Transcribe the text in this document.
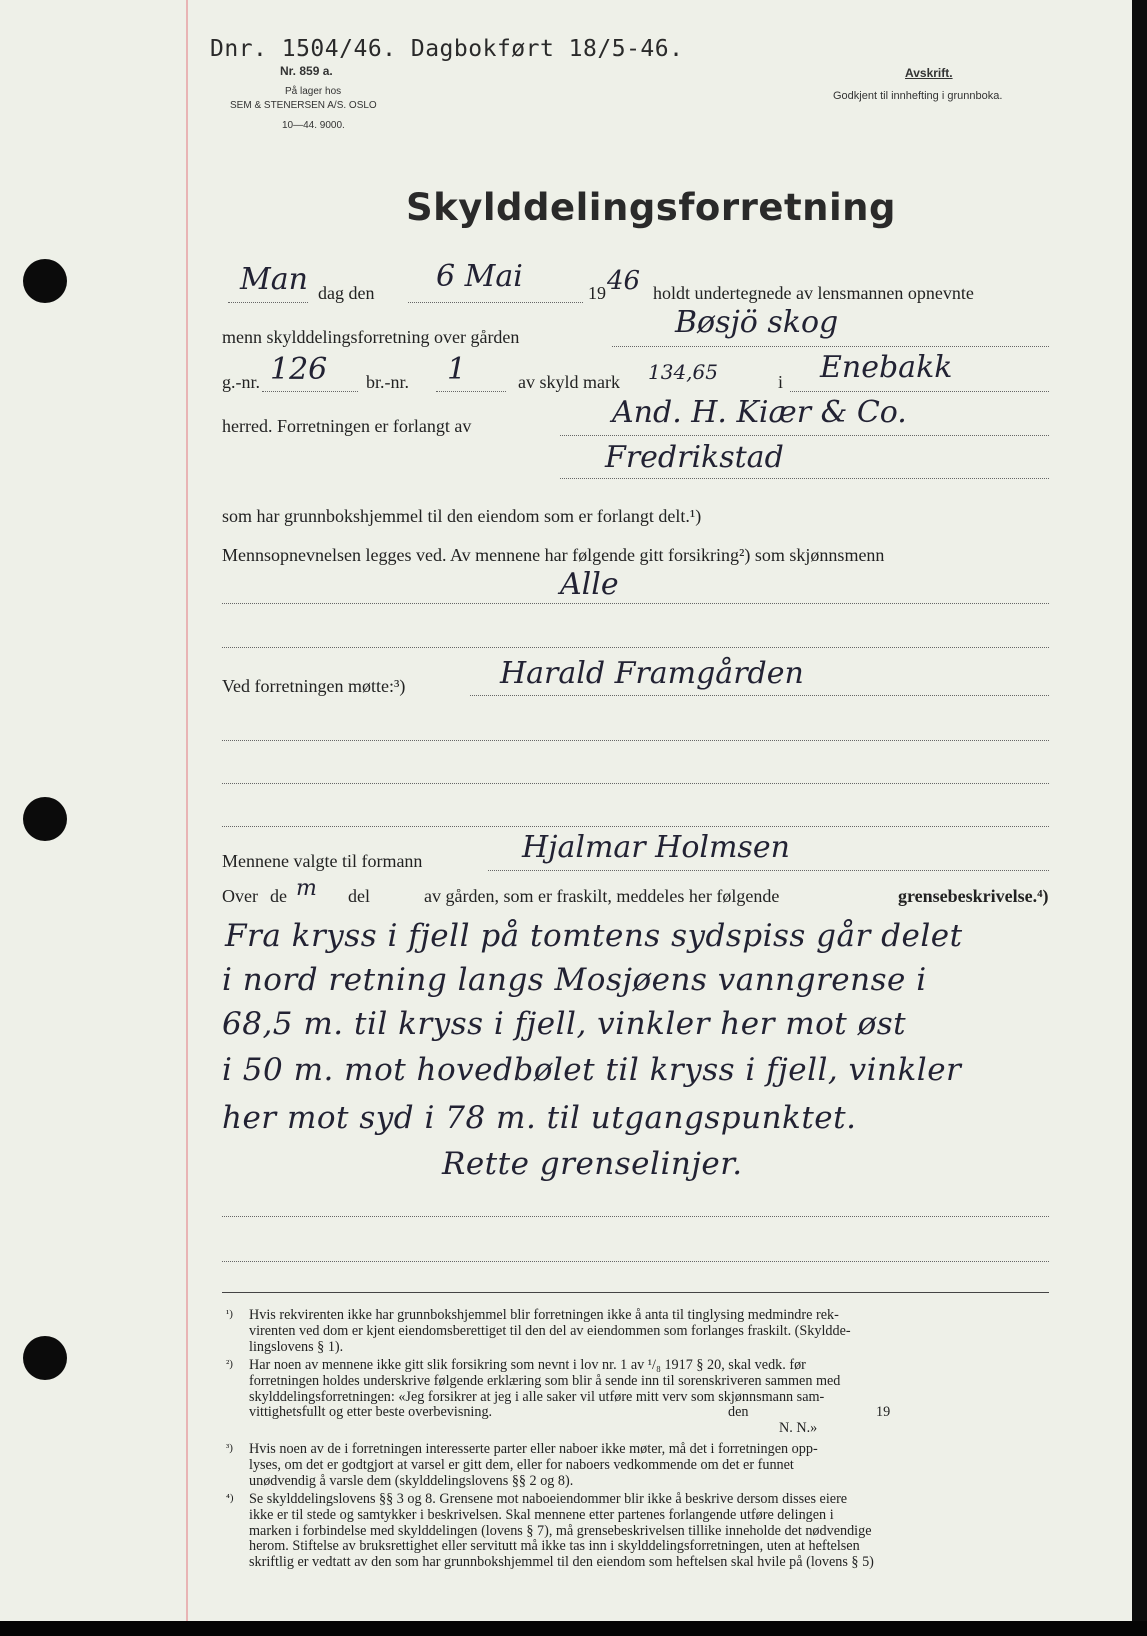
Dnr. 1504/46. Dagbokført 18/5-46.
Nr. 859 a.
På lager hos
SEM & STENERSEN A/S. OSLO
10—44. 9000.
Avskrift.
Godkjent til innhefting i grunnboka.
Skylddelingsforretning
Man dag den 6 Mai	19 46 holdt undertegnede av lensmannen opnevnte
menn skylddelingsforretning over gården	Bøsjö skog
g.-nr. 126 br.-nr. 1	av skyld mark 134,65	i Enebakk
herred. Forretningen er forlangt av	And. H. Kiær & Co.
Fredrikstad
som har grunnbokshjemmel til den eiendom som er forlangt delt.¹)
Mennsopnevnelsen legges ved. Av mennene har følgende gitt forsikring²) som skjønnsmenn
Alle
Ved forretningen møtte:³)	Harald Framgården
Mennene valgte til formann	Hjalmar Holmsen
Over de m del	av gården, som er fraskilt, meddeles her følgende	grensebeskrivelse.⁴)
Fra kryss i fjell på tomtens sydspiss går delet
i nord retning langs Mosjøens vanngrense i
68,5 m. til kryss i fjell, vinkler her mot øst
i 50 m. mot hovedbølet til kryss i fjell, vinkler
her mot syd i 78 m. til utgangspunktet.
Rette grenselinjer.
¹) Hvis rekvirenten ikke har grunnbokshjemmel blir forretningen ikke å anta til tinglysing medmindre rek-
virenten ved dom er kjent eiendomsberettiget til den del av eiendommen som forlanges fraskilt. (Skyldde-
lingslovens § 1).
²) Har noen av mennene ikke gitt slik forsikring som nevnt i lov nr. 1 av ¹/₈ 1917 § 20, skal vedk. før
forretningen holdes underskrive følgende erklæring som blir å sende inn til sorenskriveren sammen med
skylddelingsforretningen: «Jeg forsikrer at jeg i alle saker vil utføre mitt verv som skjønnsmann sam-
vittighetsfullt og etter beste overbevisning.	den	19
N. N.»
³) Hvis noen av de i forretningen interesserte parter eller naboer ikke møter, må det i forretningen opp-
lyses, om det er godtgjort at varsel er gitt dem, eller for naboers vedkommende om det er funnet
unødvendig å varsle dem (skylddelingslovens §§ 2 og 8).
⁴) Se skylddelingslovens §§ 3 og 8. Grensene mot naboeiendommer blir ikke å beskrive dersom disses eiere
ikke er til stede og samtykker i beskrivelsen. Skal mennene etter partenes forlangende utføre delingen i
marken i forbindelse med skylddelingen (lovens § 7), må grensebeskrivelsen tillike inneholde det nødvendige
herom. Stiftelse av bruksrettighet eller servitutt må ikke tas inn i skylddelingsforretningen, uten at heftelsen
skriftlig er vedtatt av den som har grunnbokshjemmel til den eiendom som heftelsen skal hvile på (lovens § 5)
